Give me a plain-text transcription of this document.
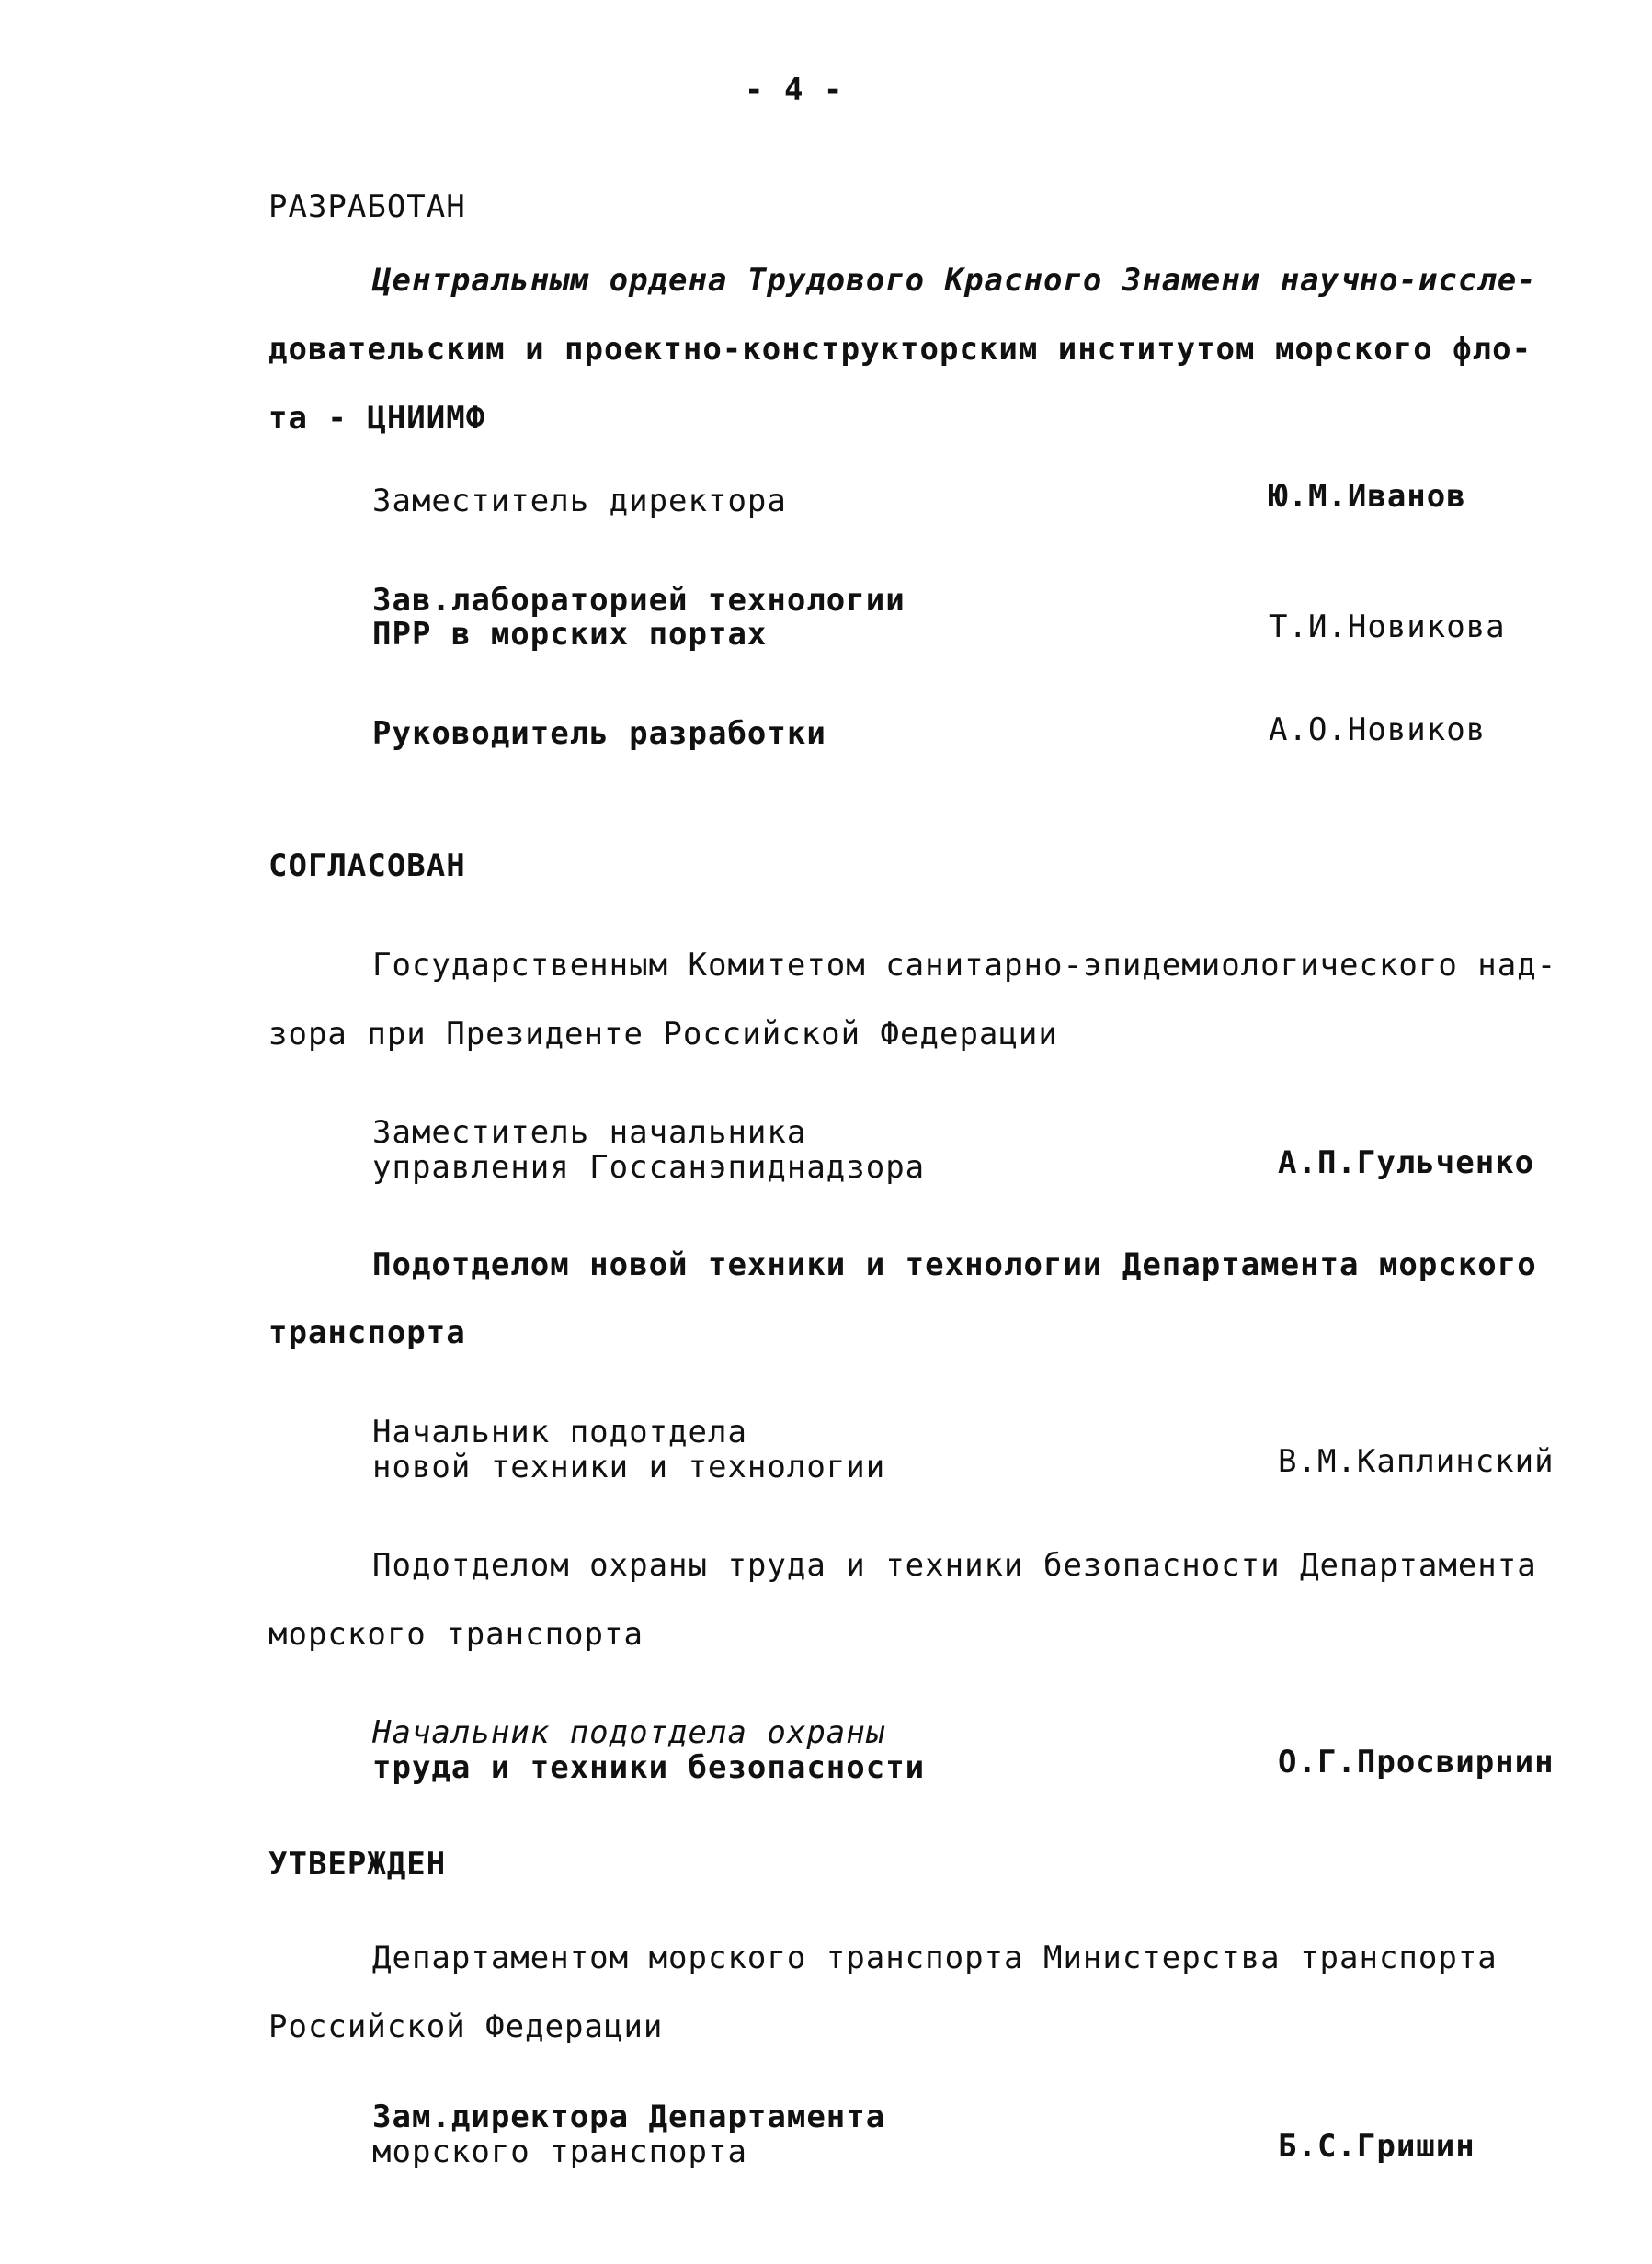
- 4 -
РАЗРАБОТАН
Центральным ордена Трудового Красного Знамени научно-иссле-
довательским и проектно-конструкторским институтом морского фло-
та - ЦНИИМФ
Заместитель директора	Ю.М.Иванов
Зав.лабораторией технологии
ПРР в морских портах	Т.И.Новикова
Руководитель разработки	А.О.Новиков
СОГЛАСОВАН
Государственным Комитетом санитарно-эпидемиологического над-
зора при Президенте Российской Федерации
Заместитель начальника
управления Госсанэпиднадзора	А.П.Гульченко
Подотделом новой техники и технологии Департамента морского
транспорта
Начальник подотдела
новой техники и технологии	В.М.Каплинский
Подотделом охраны труда и техники безопасности Департамента
морского транспорта
Начальник подотдела охраны
труда и техники безопасности	О.Г.Просвирнин
УТВЕРЖДЕН
Департаментом морского транспорта Министерства транспорта
Российской Федерации
Зам.директора Департамента
морского транспорта	Б.С.Гришин
